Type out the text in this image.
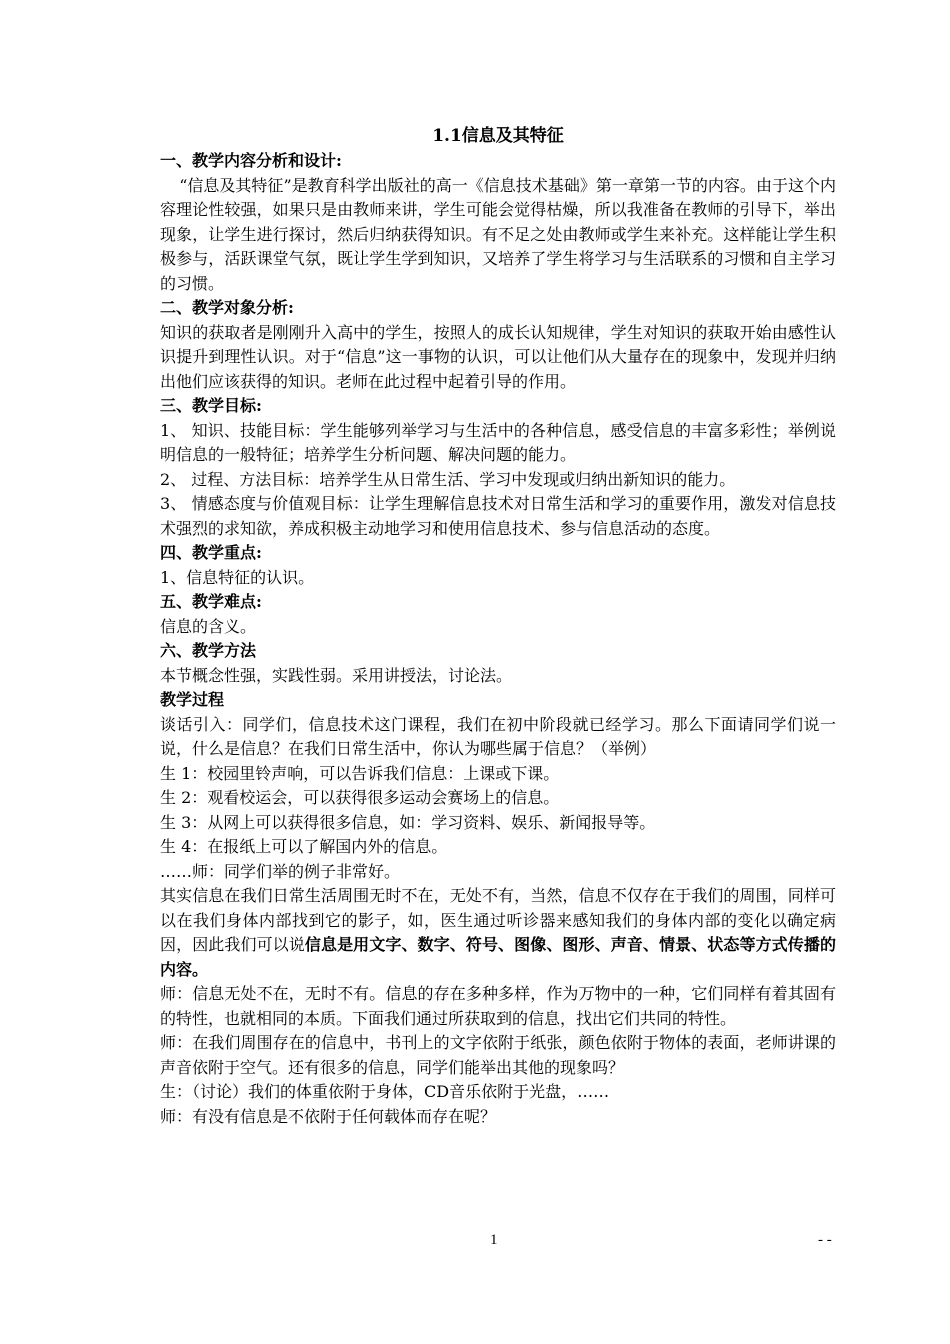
1.1信息及其特征
一、教学内容分析和设计:
“信息及其特征”是教育科学出版社的高一《信息技术基础》第一章第一节的内容。由于这个内容理论性较强，如果只是由教师来讲，学生可能会觉得枯燥，所以我准备在教师的引导下，举出现象，让学生进行探讨，然后归纳获得知识。有不足之处由教师或学生来补充。这样能让学生积极参与，活跃课堂气氛，既让学生学到知识，又培养了学生将学习与生活联系的习惯和自主学习的习惯。
二、教学对象分析:
知识的获取者是刚刚升入高中的学生，按照人的成长认知规律，学生对知识的获取开始由感性认识提升到理性认识。对于“信息”这一事物的认识，可以让他们从大量存在的现象中，发现并归纳出他们应该获得的知识。老师在此过程中起着引导的作用。
三、教学目标:
1、 知识、技能目标：学生能够列举学习与生活中的各种信息，感受信息的丰富多彩性；举例说明信息的一般特征；培养学生分析问题、解决问题的能力。
2、 过程、方法目标：培养学生从日常生活、学习中发现或归纳出新知识的能力。
3、 情感态度与价值观目标：让学生理解信息技术对日常生活和学习的重要作用，激发对信息技术强烈的求知欲，养成积极主动地学习和使用信息技术、参与信息活动的态度。
四、教学重点:
1、信息特征的认识。
五、教学难点:
信息的含义。
六、教学方法
本节概念性强，实践性弱。采用讲授法，讨论法。
教学过程
谈话引入：同学们，信息技术这门课程，我们在初中阶段就已经学习。那么下面请同学们说一说，什么是信息？在我们日常生活中，你认为哪些属于信息？（举例）
生 1：校园里铃声响，可以告诉我们信息：上课或下课。
生 2：观看校运会，可以获得很多运动会赛场上的信息。
生 3：从网上可以获得很多信息，如：学习资料、娱乐、新闻报导等。
生 4：在报纸上可以了解国内外的信息。
……师：同学们举的例子非常好。
其实信息在我们日常生活周围无时不在，无处不有，当然，信息不仅存在于我们的周围，同样可以在我们身体内部找到它的影子，如，医生通过听诊器来感知我们的身体内部的变化以确定病因，因此我们可以说信息是用文字、数字、符号、图像、图形、声音、情景、状态等方式传播的内容。
师：信息无处不在，无时不有。信息的存在多种多样，作为万物中的一种，它们同样有着其固有的特性，也就相同的本质。下面我们通过所获取到的信息，找出它们共同的特性。
师：在我们周围存在的信息中，书刊上的文字依附于纸张，颜色依附于物体的表面，老师讲课的声音依附于空气。还有很多的信息，同学们能举出其他的现象吗？
生：（讨论）我们的体重依附于身体，CD音乐依附于光盘，……
师：有没有信息是不依附于任何载体而存在呢？
1	- -
